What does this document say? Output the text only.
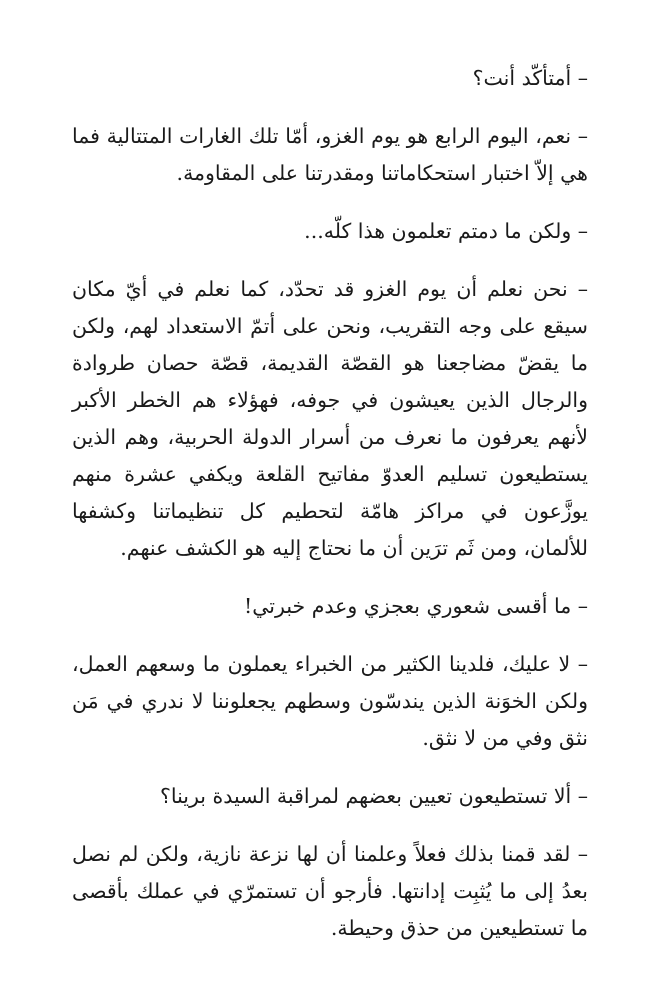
– أمتأكّد أنت؟

– نعم، اليوم الرابع هو يوم الغزو، أمّا تلك الغارات المتتالية فما هي إلاّ اختبار استحكاماتنا ومقدرتنا على المقاومة.

– ولكن ما دمتم تعلمون هذا كلّه...

– نحن نعلم أن يوم الغزو قد تحدّد، كما نعلم في أيّ مكان سيقع على وجه التقريب، ونحن على أتمّ الاستعداد لهم، ولكن ما يقضّ مضاجعنا هو القصّة القديمة، قصّة حصان طروادة والرجال الذين يعيشون في جوفه، فهؤلاء هم الخطر الأكبر لأنهم يعرفون ما نعرف من أسرار الدولة الحربية، وهم الذين يستطيعون تسليم العدوّ مفاتيح القلعة ويكفي عشرة منهم يوزَّعون في مراكز هامّة لتحطيم كل تنظيماتنا وكشفها للألمان، ومن ثَم ترَين أن ما نحتاج إليه هو الكشف عنهم.

– ما أقسى شعوري بعجزي وعدم خبرتي!

– لا عليك، فلدينا الكثير من الخبراء يعملون ما وسعهم العمل، ولكن الخوَنة الذين يندسّون وسطهم يجعلوننا لا ندري في مَن نثق وفي من لا نثق.

– ألا تستطيعون تعيين بعضهم لمراقبة السيدة برينا؟

– لقد قمنا بذلك فعلاً وعلمنا أن لها نزعة نازية، ولكن لم نصل بعدُ إلى ما يُثبِت إدانتها. فأرجو أن تستمرّي في عملك بأقصى ما تستطيعين من حذق وحيطة.
